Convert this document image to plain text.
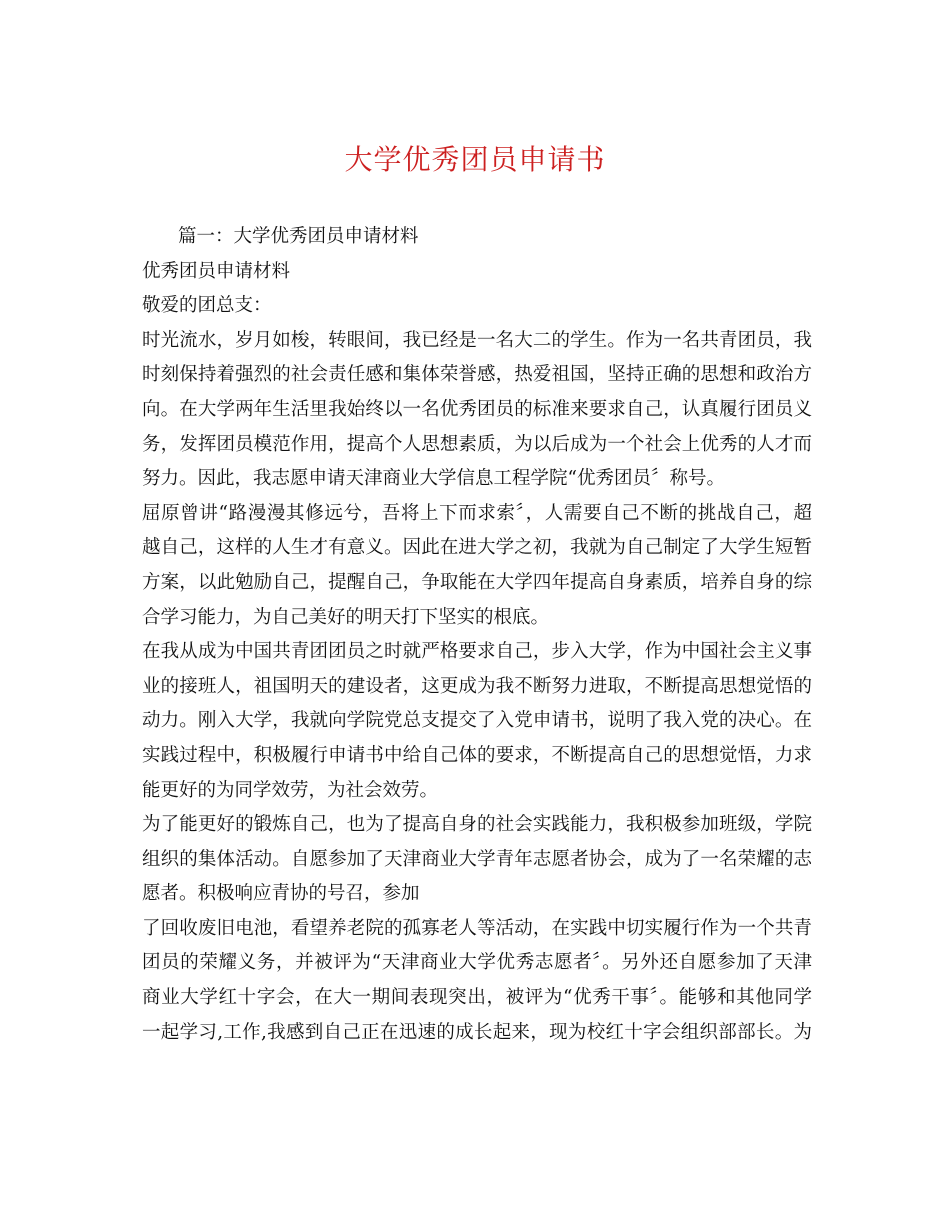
大学优秀团员申请书
篇一：大学优秀团员申请材料
优秀团员申请材料
敬爱的团总支：
时光流水，岁月如梭，转眼间，我已经是一名大二的学生。作为一名共青团员，我
时刻保持着强烈的社会责任感和集体荣誉感，热爱祖国，坚持正确的思想和政治方
向。在大学两年生活里我始终以一名优秀团员的标准来要求自己，认真履行团员义
务，发挥团员模范作用，提高个人思想素质，为以后成为一个社会上优秀的人才而
努力。因此，我志愿申请天津商业大学信息工程学院“优秀团员〞称号。
屈原曾讲“路漫漫其修远兮，吾将上下而求索〞，人需要自己不断的挑战自己，超
越自己，这样的人生才有意义。因此在进大学之初，我就为自己制定了大学生短暂
方案，以此勉励自己，提醒自己，争取能在大学四年提高自身素质，培养自身的综
合学习能力，为自己美好的明天打下坚实的根底。
在我从成为中国共青团团员之时就严格要求自己，步入大学，作为中国社会主义事
业的接班人，祖国明天的建设者，这更成为我不断努力进取，不断提高思想觉悟的
动力。刚入大学，我就向学院党总支提交了入党申请书，说明了我入党的决心。在
实践过程中，积极履行申请书中给自己体的要求，不断提高自己的思想觉悟，力求
能更好的为同学效劳，为社会效劳。
为了能更好的锻炼自己，也为了提高自身的社会实践能力，我积极参加班级，学院
组织的集体活动。自愿参加了天津商业大学青年志愿者协会，成为了一名荣耀的志
愿者。积极响应青协的号召，参加
了回收废旧电池，看望养老院的孤寡老人等活动，在实践中切实履行作为一个共青
团员的荣耀义务，并被评为“天津商业大学优秀志愿者〞。另外还自愿参加了天津
商业大学红十字会，在大一期间表现突出，被评为“优秀干事〞。能够和其他同学
一起学习,工作,我感到自己正在迅速的成长起来，现为校红十字会组织部部长。为
